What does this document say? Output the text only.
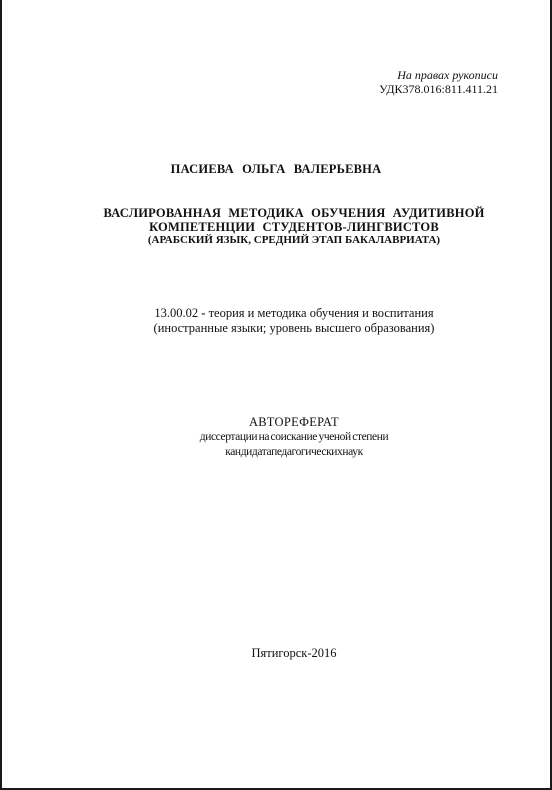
На правах рукописи
УДК378.016:811.411.21
ПАСИЕВА ОЛЬГА ВАЛЕРЬЕВНА
ВАСЛИРОВАННАЯ МЕТОДИКА ОБУЧЕНИЯ АУДИТИВНОЙ
КОМПЕТЕНЦИИ СТУДЕНТОВ-ЛИНГВИСТОВ
(АРАБСКИЙ ЯЗЫК, СРЕДНИЙ ЭТАП БАКАЛАВРИАТА)
13.00.02 - теория и методика обучения и воспитания
(иностранные языки; уровень высшего образования)
АВТОРЕФЕРАТ
диссертации на соискание ученой степени
кандидатапедагогическихнаук
Пятигорск-2016
